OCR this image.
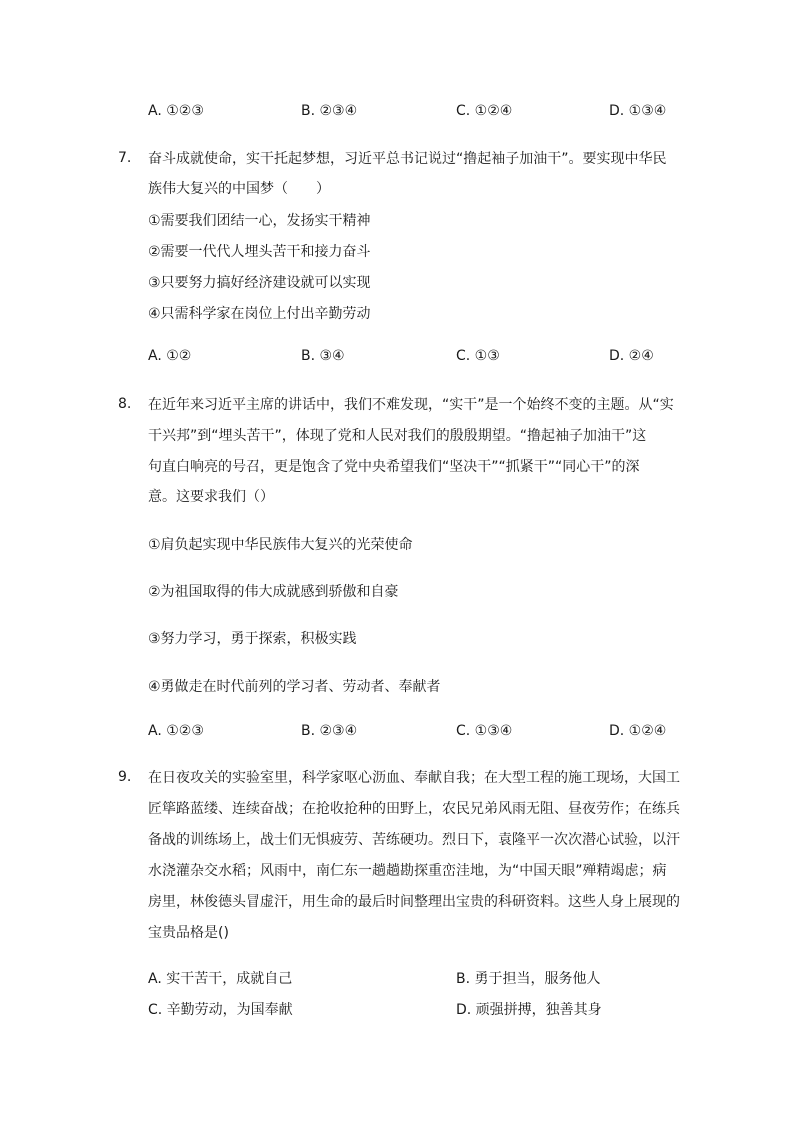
A. ①②③	B. ②③④	C. ①②④	D. ①③④
7. 奋斗成就使命，实干托起梦想，习近平总书记说过“撸起袖子加油干”。要实现中华民
族伟大复兴的中国梦（　　）
①需要我们团结一心，发扬实干精神
②需要一代代人埋头苦干和接力奋斗
③只要努力搞好经济建设就可以实现
④只需科学家在岗位上付出辛勤劳动
A. ①②	B. ③④	C. ①③	D. ②④
8. 在近年来习近平主席的讲话中，我们不难发现，“实干”是一个始终不变的主题。从“实
干兴邦”到“埋头苦干”，体现了党和人民对我们的殷殷期望。“撸起袖子加油干”这
句直白响亮的号召，更是饱含了党中央希望我们“坚决干”“抓紧干”“同心干”的深
意。这要求我们（）
①肩负起实现中华民族伟大复兴的光荣使命
②为祖国取得的伟大成就感到骄傲和自豪
③努力学习，勇于探索，积极实践
④勇做走在时代前列的学习者、劳动者、奉献者
A. ①②③	B. ②③④	C. ①③④	D. ①②④
9. 在日夜攻关的实验室里，科学家呕心沥血、奉献自我；在大型工程的施工现场，大国工
匠筚路蓝缕、连续奋战；在抢收抢种的田野上，农民兄弟风雨无阻、昼夜劳作；在练兵
备战的训练场上，战士们无惧疲劳、苦练硬功。烈日下，袁隆平一次次潜心试验，以汗
水浇灌杂交水稻；风雨中，南仁东一趟趟勘探重峦洼地，为“中国天眼”殚精竭虑；病
房里，林俊德头冒虚汗，用生命的最后时间整理出宝贵的科研资料。这些人身上展现的
宝贵品格是()
A. 实干苦干，成就自己	B. 勇于担当，服务他人
C. 辛勤劳动，为国奉献	D. 顽强拼搏，独善其身
